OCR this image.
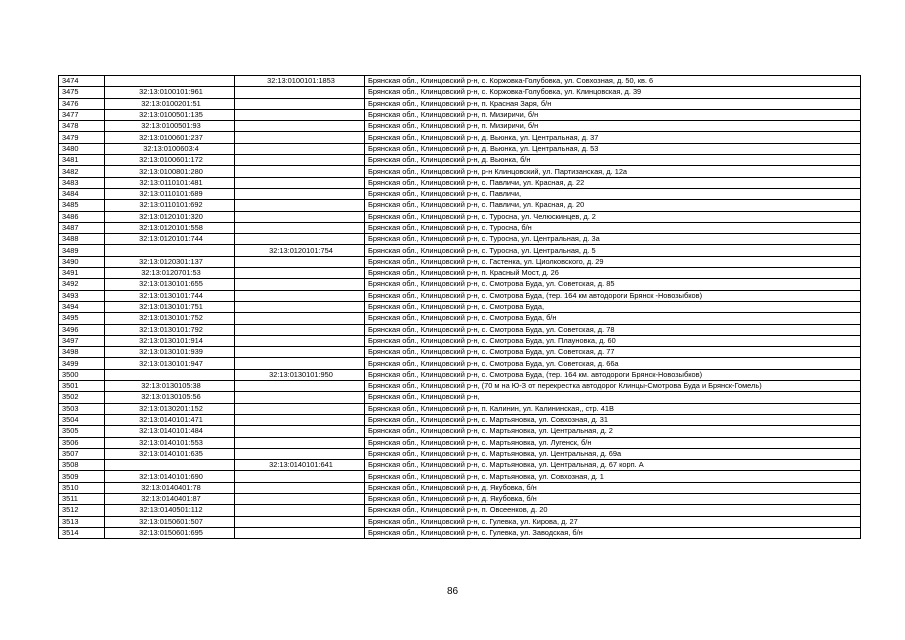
3474		32:13:0100101:1853	Брянская обл., Клинцовский р-н, с. Коржовка-Голубовка, ул. Совхозная, д. 50, кв. 6
3475	32:13:0100101:961		Брянская обл., Клинцовский р-н, с. Коржовка-Голубовка, ул. Клинцовская, д. 39
3476	32:13:0100201:51		Брянская обл., Клинцовский р-н, п. Красная Заря, б/н
3477	32:13:0100501:135		Брянская обл., Клинцовский р-н, п. Мизиричи, б/н
3478	32:13:0100501:93		Брянская обл., Клинцовский р-н, п. Мизиричи, б/н
3479	32:13:0100601:237		Брянская обл., Клинцовский р-н, д. Вьюнка, ул. Центральная, д. 37
3480	32:13:0100603:4		Брянская обл., Клинцовский р-н, д. Вьюнка, ул. Центральная, д. 53
3481	32:13:0100601:172		Брянская обл., Клинцовский р-н, д. Вьюнка, б/н
3482	32:13:0100801:280		Брянская обл., Клинцовский р-н, р-н Клинцовский, ул. Партизанская, д. 12а
3483	32:13:0110101:481		Брянская обл., Клинцовский р-н, с. Павличи, ул. Красная, д. 22
3484	32:13:0110101:689		Брянская обл., Клинцовский р-н, с. Павличи,
3485	32:13:0110101:692		Брянская обл., Клинцовский р-н, с. Павличи, ул. Красная, д. 20
3486	32:13:0120101:320		Брянская обл., Клинцовский р-н, с. Туросна, ул. Челюскинцев, д. 2
3487	32:13:0120101:558		Брянская обл., Клинцовский р-н, с. Туросна, б/н
3488	32:13:0120101:744		Брянская обл., Клинцовский р-н, с. Туросна, ул. Центральная, д. 3а
3489		32:13:0120101:754	Брянская обл., Клинцовский р-н, с. Туросна, ул. Центральная, д. 5
3490	32:13:0120301:137		Брянская обл., Клинцовский р-н, с. Гастенка, ул. Циолковского, д. 29
3491	32:13:0120701:53		Брянская обл., Клинцовский р-н, п. Красный Мост, д. 26
3492	32:13:0130101:655		Брянская обл., Клинцовский р-н, с. Смотрова Буда, ул. Советская, д. 85
3493	32:13:0130101:744		Брянская обл., Клинцовский р-н, с. Смотрова Буда, (тер. 164 км автодороги Брянск -Новозыбков)
3494	32:13:0130101:751		Брянская обл., Клинцовский р-н, с. Смотрова Буда,
3495	32:13:0130101:752		Брянская обл., Клинцовский р-н, с. Смотрова Буда, б/н
3496	32:13:0130101:792		Брянская обл., Клинцовский р-н, с. Смотрова Буда, ул. Советская, д. 78
3497	32:13:0130101:914		Брянская обл., Клинцовский р-н, с. Смотрова Буда, ул. Плауновка, д. 60
3498	32:13:0130101:939		Брянская обл., Клинцовский р-н, с. Смотрова Буда, ул. Советская, д. 77
3499	32:13:0130101:947		Брянская обл., Клинцовский р-н, с. Смотрова Буда, ул. Советская, д. 66а
3500		32:13:0130101:950	Брянская обл., Клинцовский р-н, с. Смотрова Буда, (тер. 164 км. автодороги Брянск-Новозыбков)
3501	32:13:0130105:38		Брянская обл., Клинцовский р-н, (70 м на Ю-З от перекрестка автодорог Клинцы-Смотрова Буда и Брянск-Гомель)
3502	32:13:0130105:56		Брянская обл., Клинцовский р-н,
3503	32:13:0130201:152		Брянская обл., Клинцовский р-н, п. Калинин, ул. Калининская,, стр. 41В
3504	32:13:0140101:471		Брянская обл., Клинцовский р-н, с. Мартьяновка, ул. Совхозная, д. 31
3505	32:13:0140101:484		Брянская обл., Клинцовский р-н, с. Мартьяновка, ул. Центральная, д. 2
3506	32:13:0140101:553		Брянская обл., Клинцовский р-н, с. Мартьяновка, ул. Лугенск, б/н
3507	32:13:0140101:635		Брянская обл., Клинцовский р-н, с. Мартьяновка, ул. Центральная, д. 69а
3508		32:13:0140101:641	Брянская обл., Клинцовский р-н, с. Мартьяновка, ул. Центральная, д. 67 корп. А
3509	32:13:0140101:690		Брянская обл., Клинцовский р-н, с. Мартьяновка, ул. Совхозная, д. 1
3510	32:13:0140401:78		Брянская обл., Клинцовский р-н, д. Якубовка, б/н
3511	32:13:0140401:87		Брянская обл., Клинцовский р-н, д. Якубовка, б/н
3512	32:13:0140501:112		Брянская обл., Клинцовский р-н, п. Овсеенков, д. 20
3513	32:13:0150601:507		Брянская обл., Клинцовский р-н, с. Гулевка, ул. Кирова, д. 27
3514	32:13:0150601:695		Брянская обл., Клинцовский р-н, с. Гулевка, ул. Заводская, б/н
86
